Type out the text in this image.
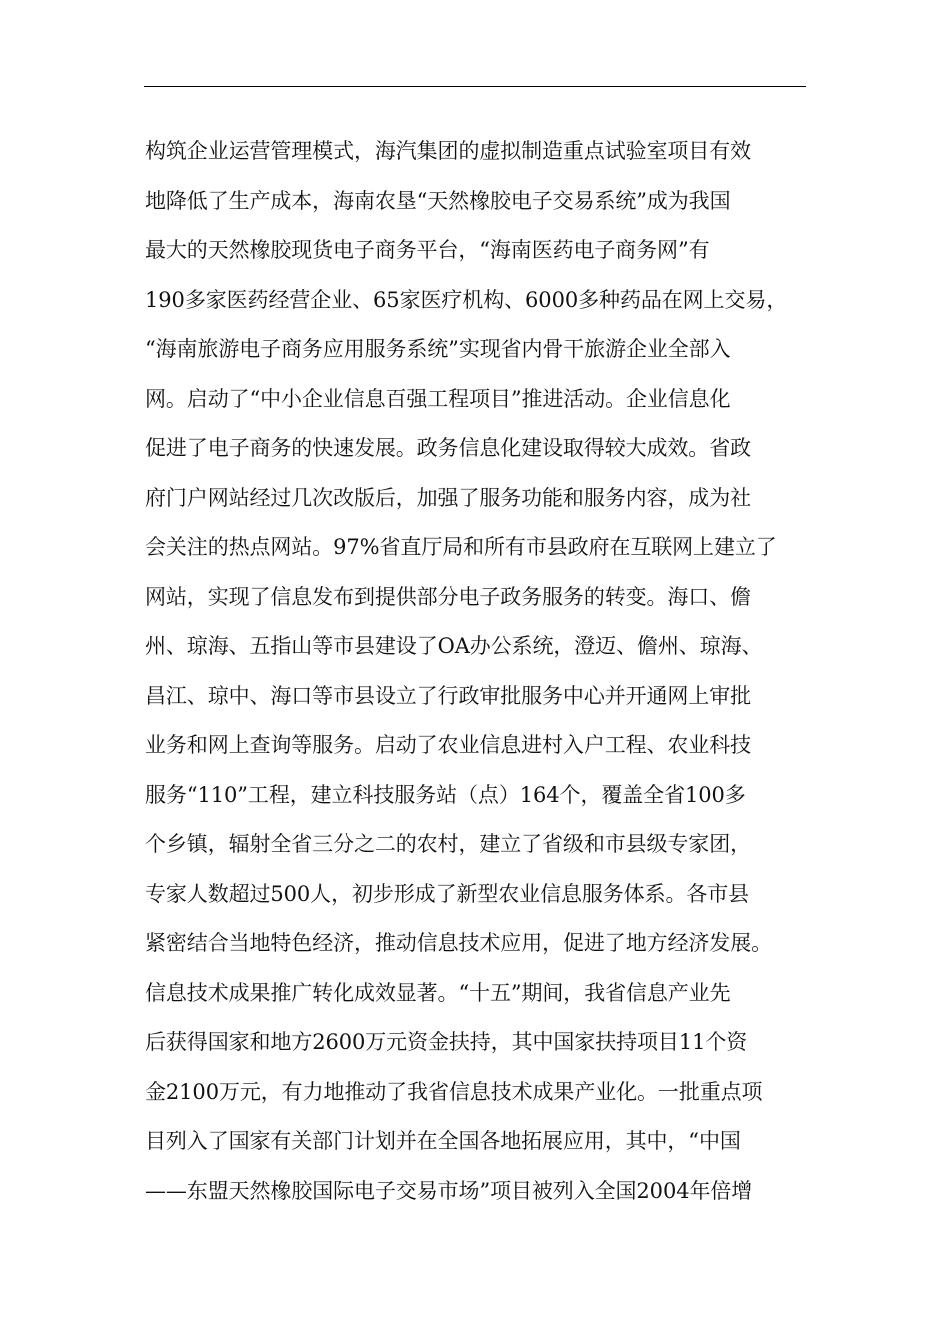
构筑企业运营管理模式，海汽集团的虚拟制造重点试验室项目有效
地降低了生产成本，海南农垦“天然橡胶电子交易系统”成为我国
最大的天然橡胶现货电子商务平台，“海南医药电子商务网”有
190多家医药经营企业、65家医疗机构、6000多种药品在网上交易，
“海南旅游电子商务应用服务系统”实现省内骨干旅游企业全部入
网。启动了“中小企业信息百强工程项目”推进活动。企业信息化
促进了电子商务的快速发展。政务信息化建设取得较大成效。省政
府门户网站经过几次改版后，加强了服务功能和服务内容，成为社
会关注的热点网站。97%省直厅局和所有市县政府在互联网上建立了
网站，实现了信息发布到提供部分电子政务服务的转变。海口、儋
州、琼海、五指山等市县建设了OA办公系统，澄迈、儋州、琼海、
昌江、琼中、海口等市县设立了行政审批服务中心并开通网上审批
业务和网上查询等服务。启动了农业信息进村入户工程、农业科技
服务“110”工程，建立科技服务站（点）164个，覆盖全省100多
个乡镇，辐射全省三分之二的农村，建立了省级和市县级专家团，
专家人数超过500人，初步形成了新型农业信息服务体系。各市县
紧密结合当地特色经济，推动信息技术应用，促进了地方经济发展。
信息技术成果推广转化成效显著。“十五”期间，我省信息产业先
后获得国家和地方2600万元资金扶持，其中国家扶持项目11个资
金2100万元，有力地推动了我省信息技术成果产业化。一批重点项
目列入了国家有关部门计划并在全国各地拓展应用，其中，“中国
——东盟天然橡胶国际电子交易市场”项目被列入全国2004年倍增
